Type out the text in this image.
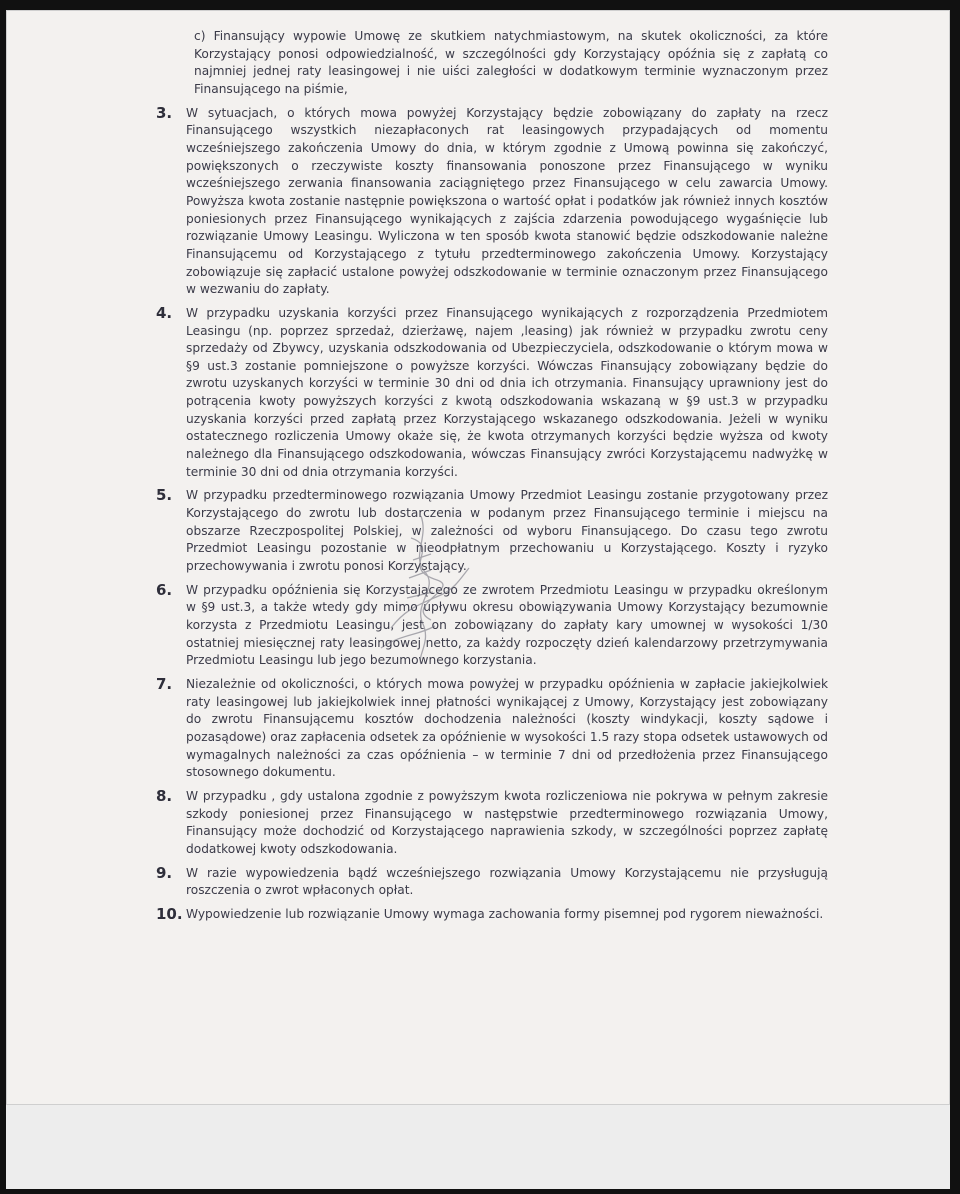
c) Finansujący wypowie Umowę ze skutkiem natychmiastowym, na skutek okoliczności, za które Korzystający ponosi odpowiedzialność, w szczególności gdy Korzystający opóźnia się z zapłatą co najmniej jednej raty leasingowej i nie uiści zaległości w dodatkowym terminie wyznaczonym przez Finansującego na piśmie,
3.	W sytuacjach, o których mowa powyżej Korzystający będzie zobowiązany do zapłaty na rzecz Finansującego wszystkich niezapłaconych rat leasingowych przypadających od momentu wcześniejszego zakończenia Umowy do dnia, w którym zgodnie z Umową powinna się zakończyć, powiększonych o rzeczywiste koszty finansowania ponoszone przez Finansującego w wyniku wcześniejszego zerwania finansowania zaciągniętego przez Finansującego w celu zawarcia Umowy. Powyższa kwota zostanie następnie powiększona o wartość opłat i podatków jak również innych kosztów poniesionych przez Finansującego wynikających z zajścia zdarzenia powodującego wygaśnięcie lub rozwiązanie Umowy Leasingu. Wyliczona w ten sposób kwota stanowić będzie odszkodowanie należne Finansującemu od Korzystającego z tytułu przedterminowego zakończenia Umowy. Korzystający zobowiązuje się zapłacić ustalone powyżej odszkodowanie w terminie oznaczonym przez Finansującego w wezwaniu do zapłaty.
4.	W przypadku uzyskania korzyści przez Finansującego wynikających z rozporządzenia Przedmiotem Leasingu (np. poprzez sprzedaż, dzierżawę, najem ,leasing) jak również w przypadku zwrotu ceny sprzedaży od Zbywcy, uzyskania odszkodowania od Ubezpieczyciela, odszkodowanie o którym mowa w §9 ust.3 zostanie pomniejszone o powyższe korzyści. Wówczas Finansujący zobowiązany będzie do zwrotu uzyskanych korzyści w terminie 30 dni od dnia ich otrzymania. Finansujący uprawniony jest do potrącenia kwoty powyższych korzyści z kwotą odszkodowania wskazaną w §9 ust.3 w przypadku uzyskania korzyści przed zapłatą przez Korzystającego wskazanego odszkodowania. Jeżeli w wyniku ostatecznego rozliczenia Umowy okaże się, że kwota otrzymanych korzyści będzie wyższa od kwoty należnego dla Finansującego odszkodowania, wówczas Finansujący zwróci Korzystającemu nadwyżkę w terminie 30 dni od dnia otrzymania korzyści.
5.	W przypadku przedterminowego rozwiązania Umowy Przedmiot Leasingu zostanie przygotowany przez Korzystającego do zwrotu lub dostarczenia w podanym przez Finansującego terminie i miejscu na obszarze Rzeczpospolitej Polskiej, w zależności od wyboru Finansującego. Do czasu tego zwrotu Przedmiot Leasingu pozostanie w nieodpłatnym przechowaniu u Korzystającego. Koszty i ryzyko przechowywania i zwrotu ponosi Korzystający.
6.	W przypadku opóźnienia się Korzystającego ze zwrotem Przedmiotu Leasingu w przypadku określonym w §9 ust.3, a także wtedy gdy mimo upływu okresu obowiązywania Umowy Korzystający bezumownie korzysta z Przedmiotu Leasingu, jest on zobowiązany do zapłaty kary umownej w wysokości 1/30 ostatniej miesięcznej raty leasingowej netto, za każdy rozpoczęty dzień kalendarzowy przetrzymywania Przedmiotu Leasingu lub jego bezumownego korzystania.
7.	Niezależnie od okoliczności, o których mowa powyżej w przypadku opóźnienia w zapłacie jakiejkolwiek raty leasingowej lub jakiejkolwiek innej płatności wynikającej z Umowy, Korzystający jest zobowiązany do zwrotu Finansującemu kosztów dochodzenia należności (koszty windykacji, koszty sądowe i pozasądowe) oraz zapłacenia odsetek za opóźnienie w wysokości 1.5 razy stopa odsetek ustawowych od wymagalnych należności za czas opóźnienia – w terminie 7 dni od przedłożenia przez Finansującego stosownego dokumentu.
8.	W przypadku , gdy ustalona zgodnie z powyższym kwota rozliczeniowa nie pokrywa w pełnym zakresie szkody poniesionej przez Finansującego w następstwie przedterminowego rozwiązania Umowy, Finansujący może dochodzić od Korzystającego naprawienia szkody, w szczególności poprzez zapłatę dodatkowej kwoty odszkodowania.
9.	W razie wypowiedzenia bądź wcześniejszego rozwiązania Umowy Korzystającemu nie przysługują roszczenia o zwrot wpłaconych opłat.
10. Wypowiedzenie lub rozwiązanie Umowy wymaga zachowania formy pisemnej pod rygorem nieważności.
